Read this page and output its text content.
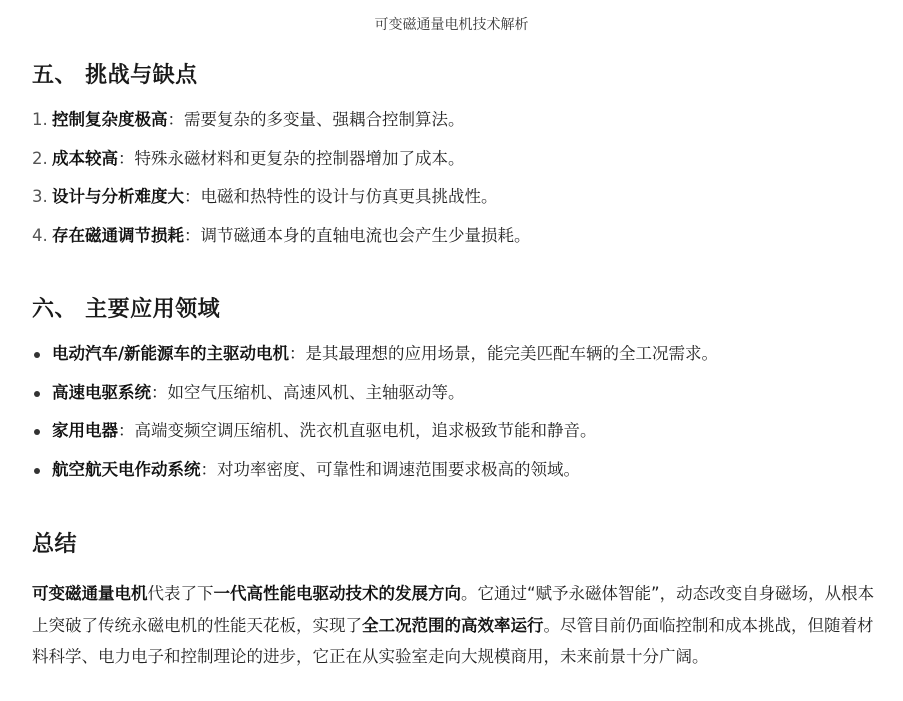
可变磁通量电机技术解析
五、 挑战与缺点
1. 控制复杂度极高 ：需要复杂的多变量、强耦合控制算法。
2. 成本较高 ：特殊永磁材料和更复杂的控制器增加了成本。
3. 设计与分析难度大 ：电磁和热特性的设计与仿真更具挑战性。
4. 存在磁通调节损耗 ：调节磁通本身的直轴电流也会产生少量损耗。
六、 主要应用领域
电动汽车/新能源车的主驱动电机 ：是其最理想的应用场景，能完美匹配车辆的全工况需求。
高速电驱系统 ：如空气压缩机、高速风机、主轴驱动等。
家用电器 ：高端变频空调压缩机、洗衣机直驱电机，追求极致节能和静音。
航空航天电作动系统 ：对功率密度、可靠性和调速范围要求极高的领域。
总结

可变磁通量电机代表了下一代高性能电驱动技术的发展方向。它通过“赋予永磁体智能”，动态改变自身磁场，从根本上突破了传统永磁电机的性能天花板，实现了全工况范围的高效率运行。尽管目前仍面临控制和成本挑战，但随着材料科学、电力电子和控制理论的进步，它正在从实验室走向大规模商用，未来前景十分广阔。
